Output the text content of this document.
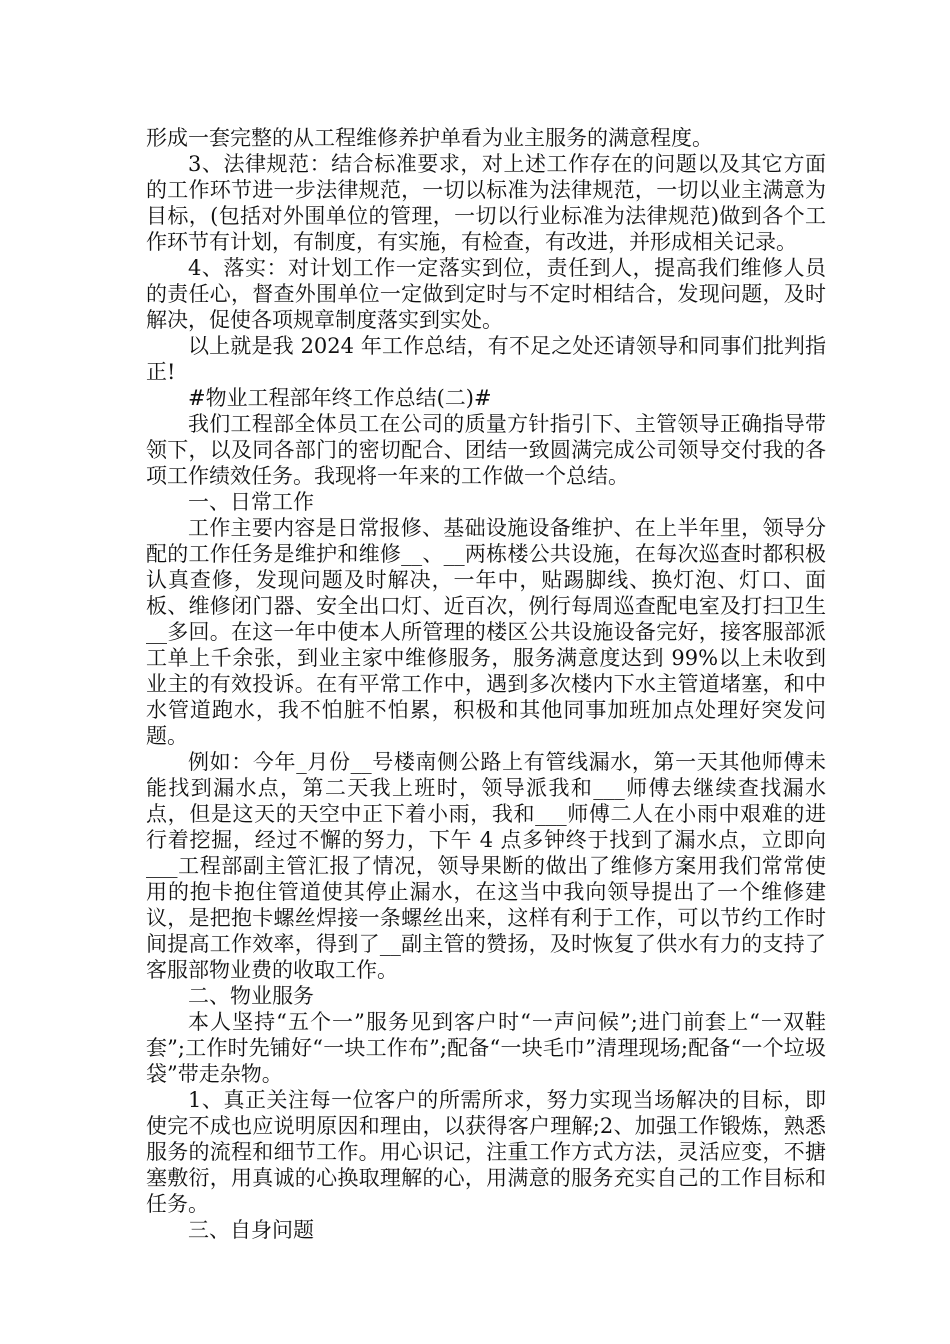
形成一套完整的从工程维修养护单看为业主服务的满意程度。

3、法律规范：结合标准要求，对上述工作存在的问题以及其它方面的工作环节进一步法律规范，一切以标准为法律规范，一切以业主满意为目标，(包括对外围单位的管理，一切以行业标准为法律规范)做到各个工作环节有计划，有制度，有实施，有检查，有改进，并形成相关记录。

4、落实：对计划工作一定落实到位，责任到人，提高我们维修人员的责任心，督查外围单位一定做到定时与不定时相结合，发现问题，及时解决，促使各项规章制度落实到实处。

以上就是我 2024 年工作总结，有不足之处还请领导和同事们批判指正!

#物业工程部年终工作总结(二)#

我们工程部全体员工在公司的质量方针指引下、主管领导正确指导带领下，以及同各部门的密切配合、团结一致圆满完成公司领导交付我的各项工作绩效任务。我现将一年来的工作做一个总结。

一、日常工作

工作主要内容是日常报修、基础设施设备维护、在上半年里，领导分配的工作任务是维护和维修__、__两栋楼公共设施，在每次巡查时都积极认真查修，发现问题及时解决，一年中，贴踢脚线、换灯泡、灯口、面板、维修闭门器、安全出口灯、近百次，例行每周巡查配电室及打扫卫生__多回。在这一年中使本人所管理的楼区公共设施设备完好，接客服部派工单上千余张，到业主家中维修服务，服务满意度达到 99%以上未收到业主的有效投诉。在有平常工作中，遇到多次楼内下水主管道堵塞，和中水管道跑水，我不怕脏不怕累，积极和其他同事加班加点处理好突发问题。

例如：今年_月份__号楼南侧公路上有管线漏水，第一天其他师傅未能找到漏水点，第二天我上班时，领导派我和___师傅去继续查找漏水点，但是这天的天空中正下着小雨，我和___师傅二人在小雨中艰难的进行着挖掘，经过不懈的努力，下午 4 点多钟终于找到了漏水点，立即向___工程部副主管汇报了情况，领导果断的做出了维修方案用我们常常使用的抱卡抱住管道使其停止漏水，在这当中我向领导提出了一个维修建议，是把抱卡螺丝焊接一条螺丝出来，这样有利于工作，可以节约工作时间提高工作效率，得到了__副主管的赞扬，及时恢复了供水有力的支持了客服部物业费的收取工作。

二、物业服务

本人坚持“五个一”服务见到客户时“一声问候”;进门前套上“一双鞋套”;工作时先铺好“一块工作布”;配备“一块毛巾”清理现场;配备“一个垃圾袋”带走杂物。

1、真正关注每一位客户的所需所求，努力实现当场解决的目标，即使完不成也应说明原因和理由，以获得客户理解;2、加强工作锻炼，熟悉服务的流程和细节工作。用心识记，注重工作方式方法，灵活应变，不搪塞敷衍，用真诚的心换取理解的心，用满意的服务充实自己的工作目标和任务。

三、自身问题
